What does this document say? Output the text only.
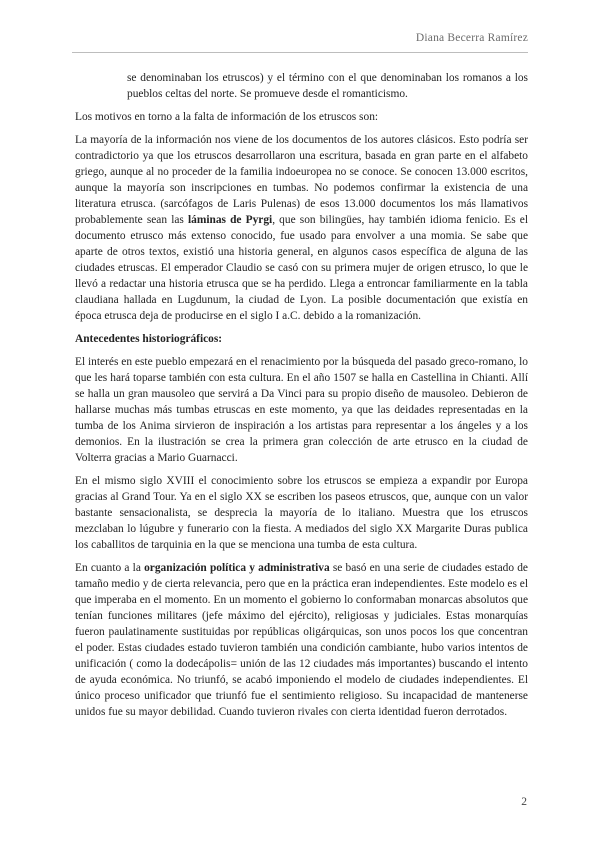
Diana Becerra Ramírez

se denominaban los etruscos) y el término con el que denominaban los romanos a los pueblos celtas del norte. Se promueve desde el romanticismo.

Los motivos en torno a la falta de información de los etruscos son:

La mayoría de la información nos viene de los documentos de los autores clásicos. Esto podría ser contradictorio ya que los etruscos desarrollaron una escritura, basada en gran parte en el alfabeto griego, aunque al no proceder de la familia indoeuropea no se conoce. Se conocen 13.000 escritos, aunque la mayoría son inscripciones en tumbas. No podemos confirmar la existencia de una literatura etrusca. (sarcófagos de Laris Pulenas) de esos 13.000 documentos los más llamativos probablemente sean las láminas de Pyrgi, que son bilingües, hay también idioma fenicio. Es el documento etrusco más extenso conocido, fue usado para envolver a una momia. Se sabe que aparte de otros textos, existió una historia general, en algunos casos específica de alguna de las ciudades etruscas. El emperador Claudio se casó con su primera mujer de origen etrusco, lo que le llevó a redactar una historia etrusca que se ha perdido. Llega a entroncar familiarmente en la tabla claudiana hallada en Lugdunum, la ciudad de Lyon. La posible documentación que existía en época etrusca deja de producirse en el siglo I a.C. debido a la romanización.

Antecedentes historiográficos:

El interés en este pueblo empezará en el renacimiento por la búsqueda del pasado greco-romano, lo que les hará toparse también con esta cultura. En el año 1507 se halla en Castellina in Chianti. Allí se halla un gran mausoleo que servirá a Da Vinci para su propio diseño de mausoleo. Debieron de hallarse muchas más tumbas etruscas en este momento, ya que las deidades representadas en la tumba de los Anima sirvieron de inspiración a los artistas para representar a los ángeles y a los demonios. En la ilustración se crea la primera gran colección de arte etrusco en la ciudad de Volterra gracias a Mario Guarnacci.

En el mismo siglo XVIII el conocimiento sobre los etruscos se empieza a expandir por Europa gracias al Grand Tour. Ya en el siglo XX se escriben los paseos etruscos, que, aunque con un valor bastante sensacionalista, se desprecia la mayoría de lo italiano. Muestra que los etruscos mezclaban lo lúgubre y funerario con la fiesta. A mediados del siglo XX Margarite Duras publica los caballitos de tarquinia en la que se menciona una tumba de esta cultura.

En cuanto a la organización política y administrativa se basó en una serie de ciudades estado de tamaño medio y de cierta relevancia, pero que en la práctica eran independientes. Este modelo es el que imperaba en el momento. En un momento el gobierno lo conformaban monarcas absolutos que tenían funciones militares (jefe máximo del ejército), religiosas y judiciales. Estas monarquías fueron paulatinamente sustituidas por repúblicas oligárquicas, son unos pocos los que concentran el poder. Estas ciudades estado tuvieron también una condición cambiante, hubo varios intentos de unificación ( como la dodecápolis= unión de las 12 ciudades más importantes) buscando el intento de ayuda económica. No triunfó, se acabó imponiendo el modelo de ciudades independientes. El único proceso unificador que triunfó fue el sentimiento religioso. Su incapacidad de mantenerse unidos fue su mayor debilidad. Cuando tuvieron rivales con cierta identidad fueron derrotados.

2
